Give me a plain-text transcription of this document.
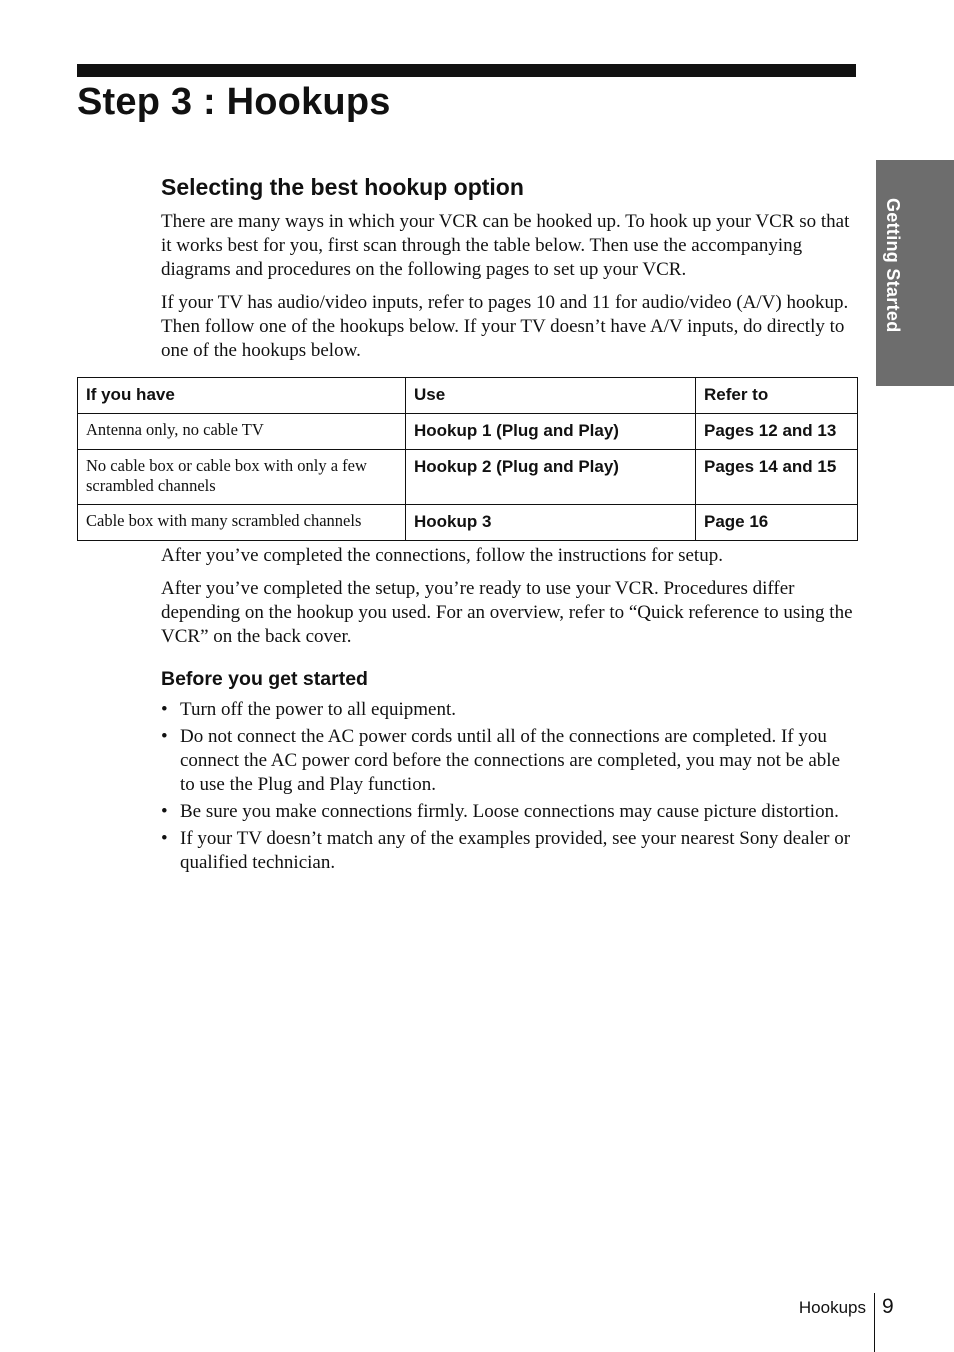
Step 3 : Hookups
Getting Started
Selecting the best hookup option

There are many ways in which your VCR can be hooked up. To hook up your VCR so that it works best for you, first scan through the table below. Then use the accompanying diagrams and procedures on the following pages to set up your VCR.

If your TV has audio/video inputs, refer to pages 10 and 11 for audio/video (A/V) hookup. Then follow one of the hookups below. If your TV doesn’t have A/V inputs, do directly to one of the hookups below.

If you have	Use	Refer to
Antenna only, no cable TV	Hookup 1 (Plug and Play)	Pages 12 and 13
No cable box or cable box with only a few scrambled channels	Hookup 2 (Plug and Play)	Pages 14 and 15
Cable box with many scrambled channels	Hookup 3	Page 16

After you’ve completed the connections, follow the instructions for setup.

After you’ve completed the setup, you’re ready to use your VCR. Procedures differ depending on the hookup you used. For an overview, refer to “Quick reference to using the VCR” on the back cover.

Before you get started
• Turn off the power to all equipment.
• Do not connect the AC power cords until all of the connections are completed. If you connect the AC power cord before the connections are completed, you may not be able to use the Plug and Play function.
• Be sure you make connections firmly. Loose connections may cause picture distortion.
• If your TV doesn’t match any of the examples provided, see your nearest Sony dealer or qualified technician.
Hookups 9
